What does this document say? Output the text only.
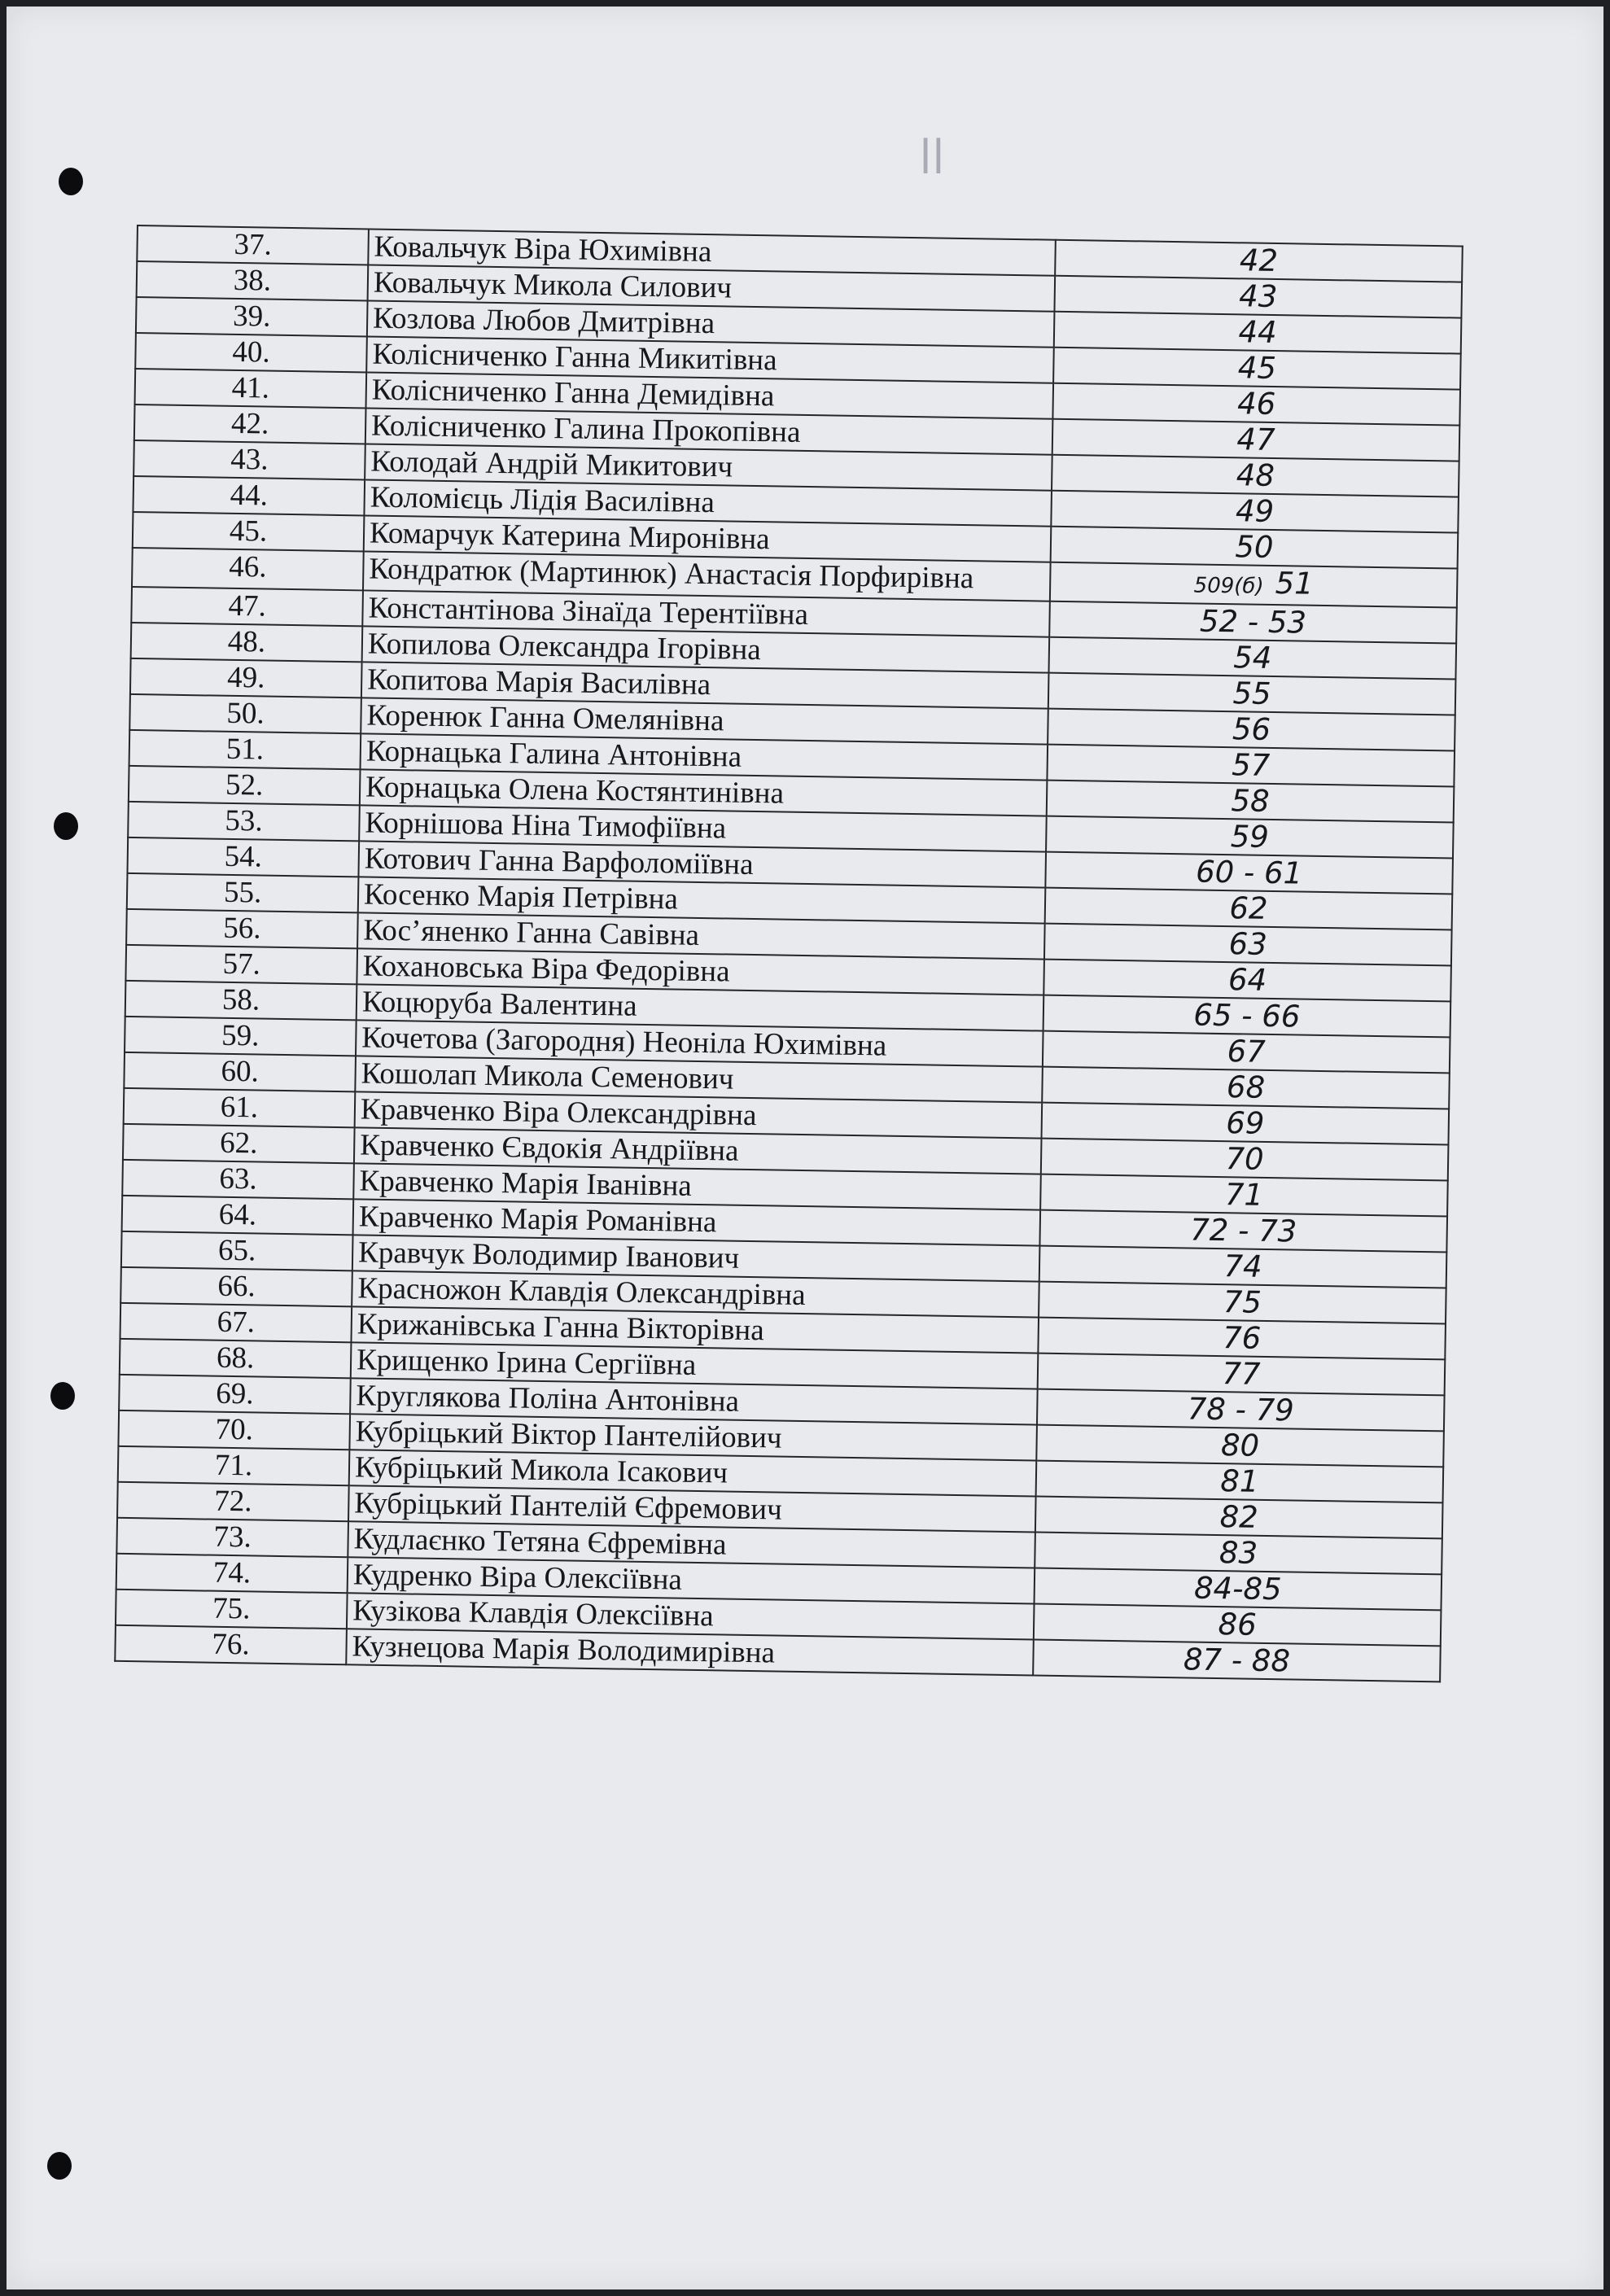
II
37.	Ковальчук Віра Юхимівна	42
38.	Ковальчук Микола Силович	43
39.	Козлова Любов Дмитрівна	44
40.	Колісниченко Ганна Микитівна	45
41.	Колісниченко Ганна Демидівна	46
42.	Колісниченко Галина Прокопівна	47
43.	Колодай Андрій Микитович	48
44.	Коломієць Лідія Василівна	49
45.	Комарчук Катерина Миронівна	50
46.	Кондратюк (Мартинюк) Анастасія Порфирівна	509(б) 51
47.	Константінова Зінаїда Терентіївна	52 - 53
48.	Копилова Олександра Ігорівна	54
49.	Копитова Марія Василівна	55
50.	Коренюк Ганна Омелянівна	56
51.	Корнацька Галина Антонівна	57
52.	Корнацька Олена Костянтинівна	58
53.	Корнішова Ніна Тимофіївна	59
54.	Котович Ганна Варфоломіївна	60 - 61
55.	Косенко Марія Петрівна	62
56.	Кос’яненко Ганна Савівна	63
57.	Кохановська Віра Федорівна	64
58.	Коцюруба Валентина	65 - 66
59.	Кочетова (Загородня) Неоніла Юхимівна	67
60.	Кошолап Микола Семенович	68
61.	Кравченко Віра Олександрівна	69
62.	Кравченко Євдокія Андріївна	70
63.	Кравченко Марія Іванівна	71
64.	Кравченко Марія Романівна	72 - 73
65.	Кравчук Володимир Іванович	74
66.	Красножон Клавдія Олександрівна	75
67.	Крижанівська Ганна Вікторівна	76
68.	Крищенко Ірина Сергіївна	77
69.	Круглякова Поліна Антонівна	78 - 79
70.	Кубріцький Віктор Пантелійович	80
71.	Кубріцький Микола Ісакович	81
72.	Кубріцький Пантелій Єфремович	82
73.	Кудлаєнко Тетяна Єфремівна	83
74.	Кудренко Віра Олексіївна	84-85
75.	Кузікова Клавдія Олексіївна	86
76.	Кузнецова Марія Володимирівна	87 - 88
